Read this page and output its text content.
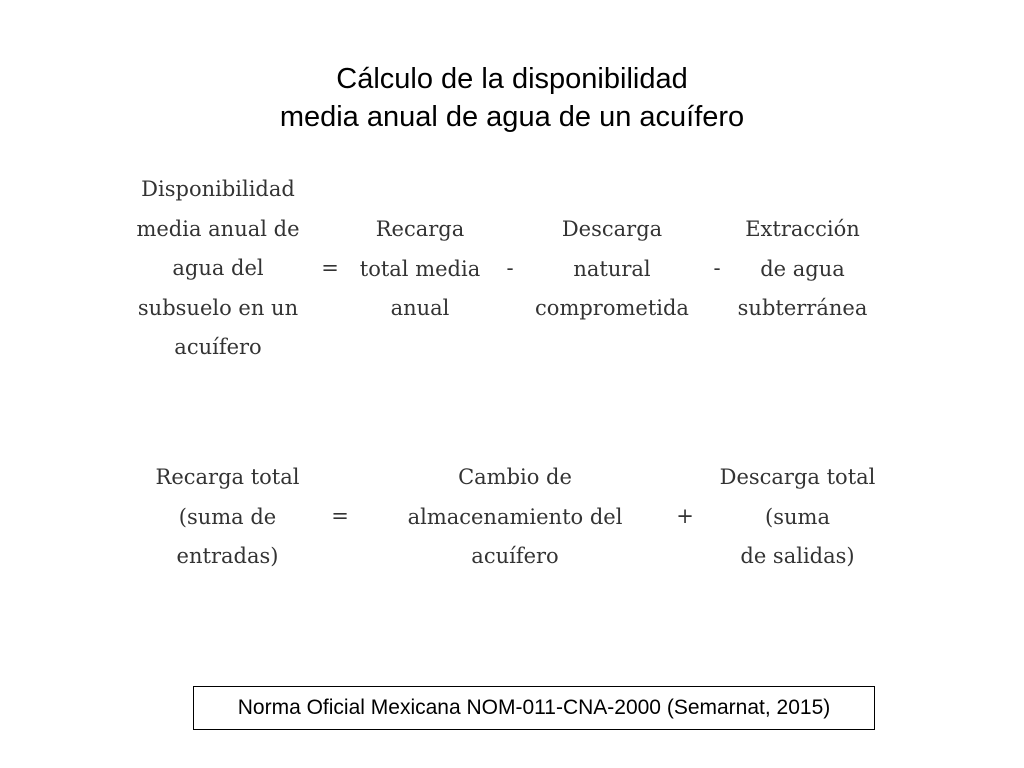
Cálculo de la disponibilidad
media anual de agua de un acuífero
Disponibilidad
media anual de
agua del
subsuelo en un
acuífero
=
Recarga
total media
anual
-
Descarga
natural
comprometida
-
Extracción
de agua
subterránea
Recarga total
(suma de
entradas)
=
Cambio de
almacenamiento del
acuífero
+
Descarga total
(suma
de salidas)
Norma Oficial Mexicana NOM-011-CNA-2000 (Semarnat, 2015)
